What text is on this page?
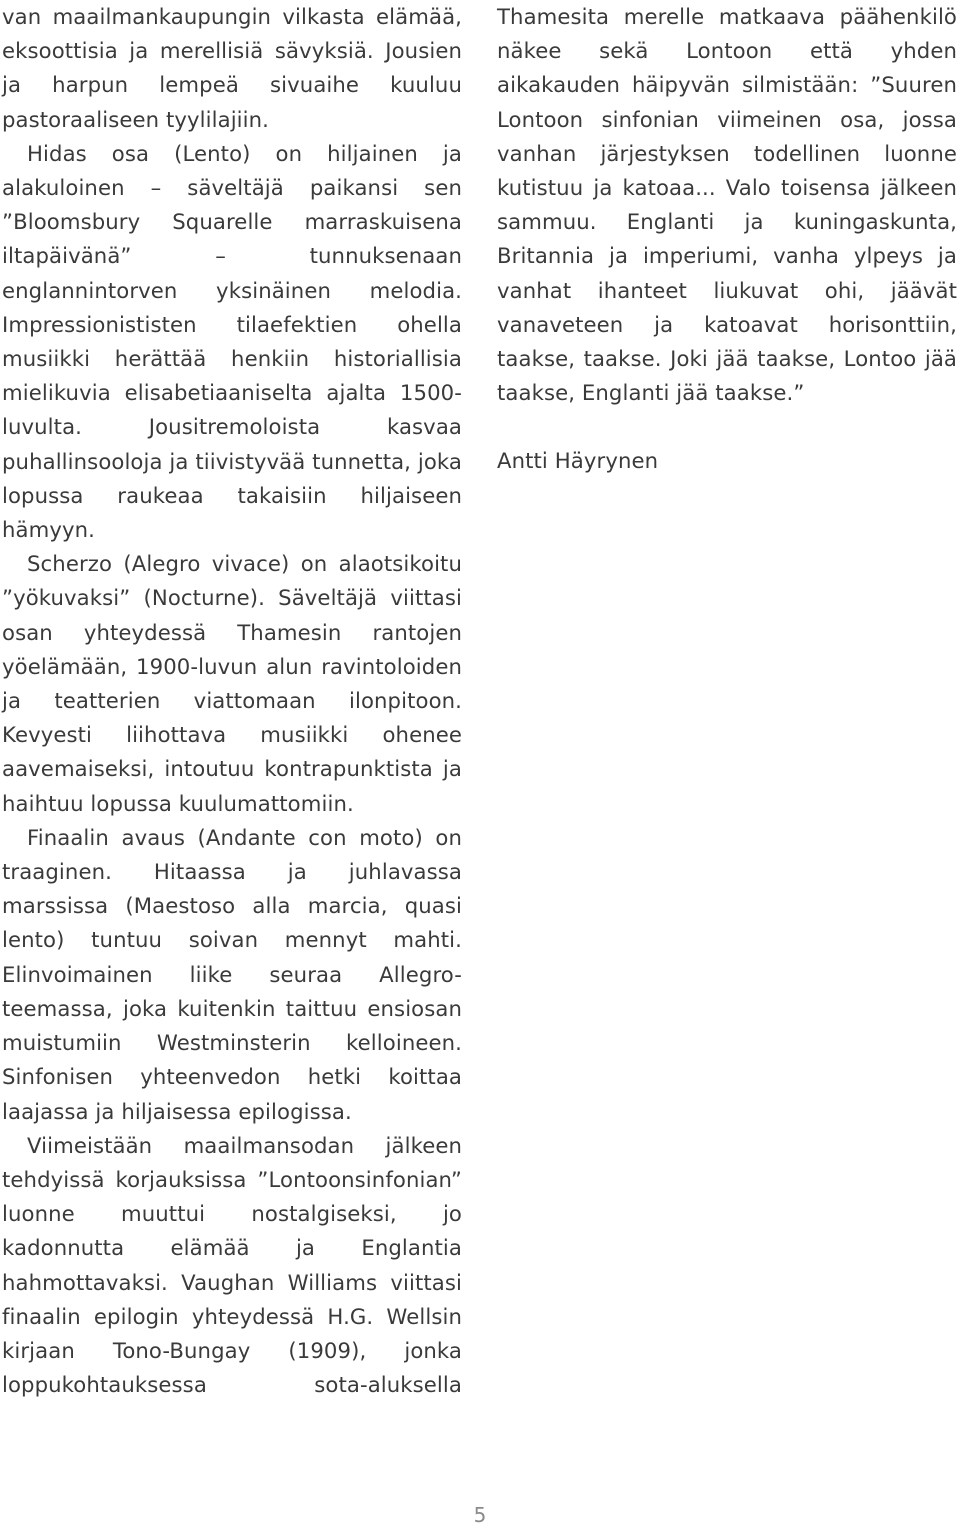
van maailmankaupungin vilkasta elämää, eksoottisia ja merellisiä sävyksiä. Jousien ja harpun lempeä sivuaihe kuuluu pastoraaliseen tyylilajiin.

Hidas osa (Lento) on hiljainen ja alakuloinen – säveltäjä paikansi sen ”Bloomsbury Squarelle marraskuisena iltapäivänä” – tunnuksenaan englannintorven yksinäinen melodia. Impressionististen tilaefektien ohella musiikki herättää henkiin historiallisia mielikuvia elisabetiaaniselta ajalta 1500-luvulta. Jousitremoloista kasvaa puhallinsooloja ja tiivistyvää tunnetta, joka lopussa raukeaa takaisiin hiljaiseen hämyyn.

Scherzo (Alegro vivace) on alaotsikoitu ”yökuvaksi” (Nocturne). Säveltäjä viittasi osan yhteydessä Thamesin rantojen yöelämään, 1900-luvun alun ravintoloiden ja teatterien viattomaan ilonpitoon. Kevyesti liihottava musiikki ohenee aavemaiseksi, intoutuu kontrapunktista ja haihtuu lopussa kuulumattomiin.

Finaalin avaus (Andante con moto) on traaginen. Hitaassa ja juhlavassa marssissa (Maestoso alla marcia, quasi lento) tuntuu soivan mennyt mahti. Elinvoimainen liike seuraa Allegro-teemassa, joka kuitenkin taittuu ensiosan muistumiin Westminsterin kelloineen. Sinfonisen yhteenvedon hetki koittaa laajassa ja hiljaisessa epilogissa.

Viimeistään maailmansodan jälkeen tehdyissä korjauksissa ”Lontoonsinfonian” luonne muuttui nostalgiseksi, jo kadonnutta elämää ja Englantia hahmottavaksi. Vaughan Williams viittasi finaalin epilogin yhteydessä H.G. Wellsin kirjaan Tono-Bungay (1909), jonka loppukohtauksessa sota-aluksella

Thamesita merelle matkaava päähenkilö näkee sekä Lontoon että yhden aikakauden häipyvän silmistään: ”Suuren Lontoon sinfonian viimeinen osa, jossa vanhan järjestyksen todellinen luonne kutistuu ja katoaa... Valo toisensa jälkeen sammuu. Englanti ja kuningaskunta, Britannia ja imperiumi, vanha ylpeys ja vanhat ihanteet liukuvat ohi, jäävät vanaveteen ja katoavat horisonttiin, taakse, taakse. Joki jää taakse, Lontoo jää taakse, Englanti jää taakse.”

Antti Häyrynen

5
